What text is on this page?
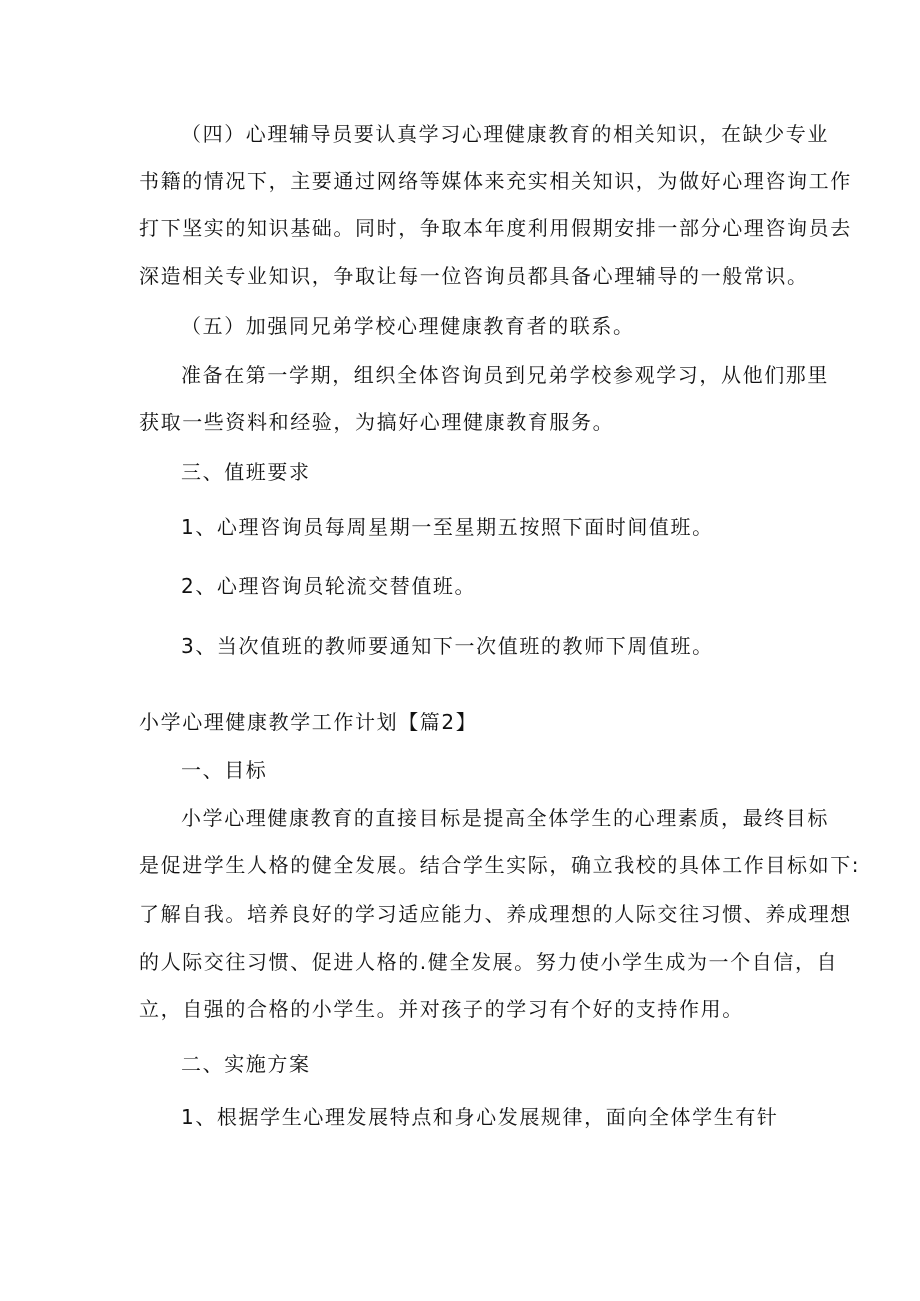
（四）心理辅导员要认真学习心理健康教育的相关知识，在缺少专业
书籍的情况下，主要通过网络等媒体来充实相关知识，为做好心理咨询工作
打下坚实的知识基础。同时，争取本年度利用假期安排一部分心理咨询员去
深造相关专业知识，争取让每一位咨询员都具备心理辅导的一般常识。
（五）加强同兄弟学校心理健康教育者的联系。
准备在第一学期，组织全体咨询员到兄弟学校参观学习，从他们那里
获取一些资料和经验，为搞好心理健康教育服务。
三、值班要求
1、心理咨询员每周星期一至星期五按照下面时间值班。
2、心理咨询员轮流交替值班。
3、当次值班的教师要通知下一次值班的教师下周值班。
小学心理健康教学工作计划【篇2】
一、目标
小学心理健康教育的直接目标是提高全体学生的心理素质，最终目标
是促进学生人格的健全发展。结合学生实际，确立我校的具体工作目标如下:
了解自我。培养良好的学习适应能力、养成理想的人际交往习惯、养成理想
的人际交往习惯、促进人格的.健全发展。努力使小学生成为一个自信，自
立，自强的合格的小学生。并对孩子的学习有个好的支持作用。
二、实施方案
1、根据学生心理发展特点和身心发展规律，面向全体学生有针
